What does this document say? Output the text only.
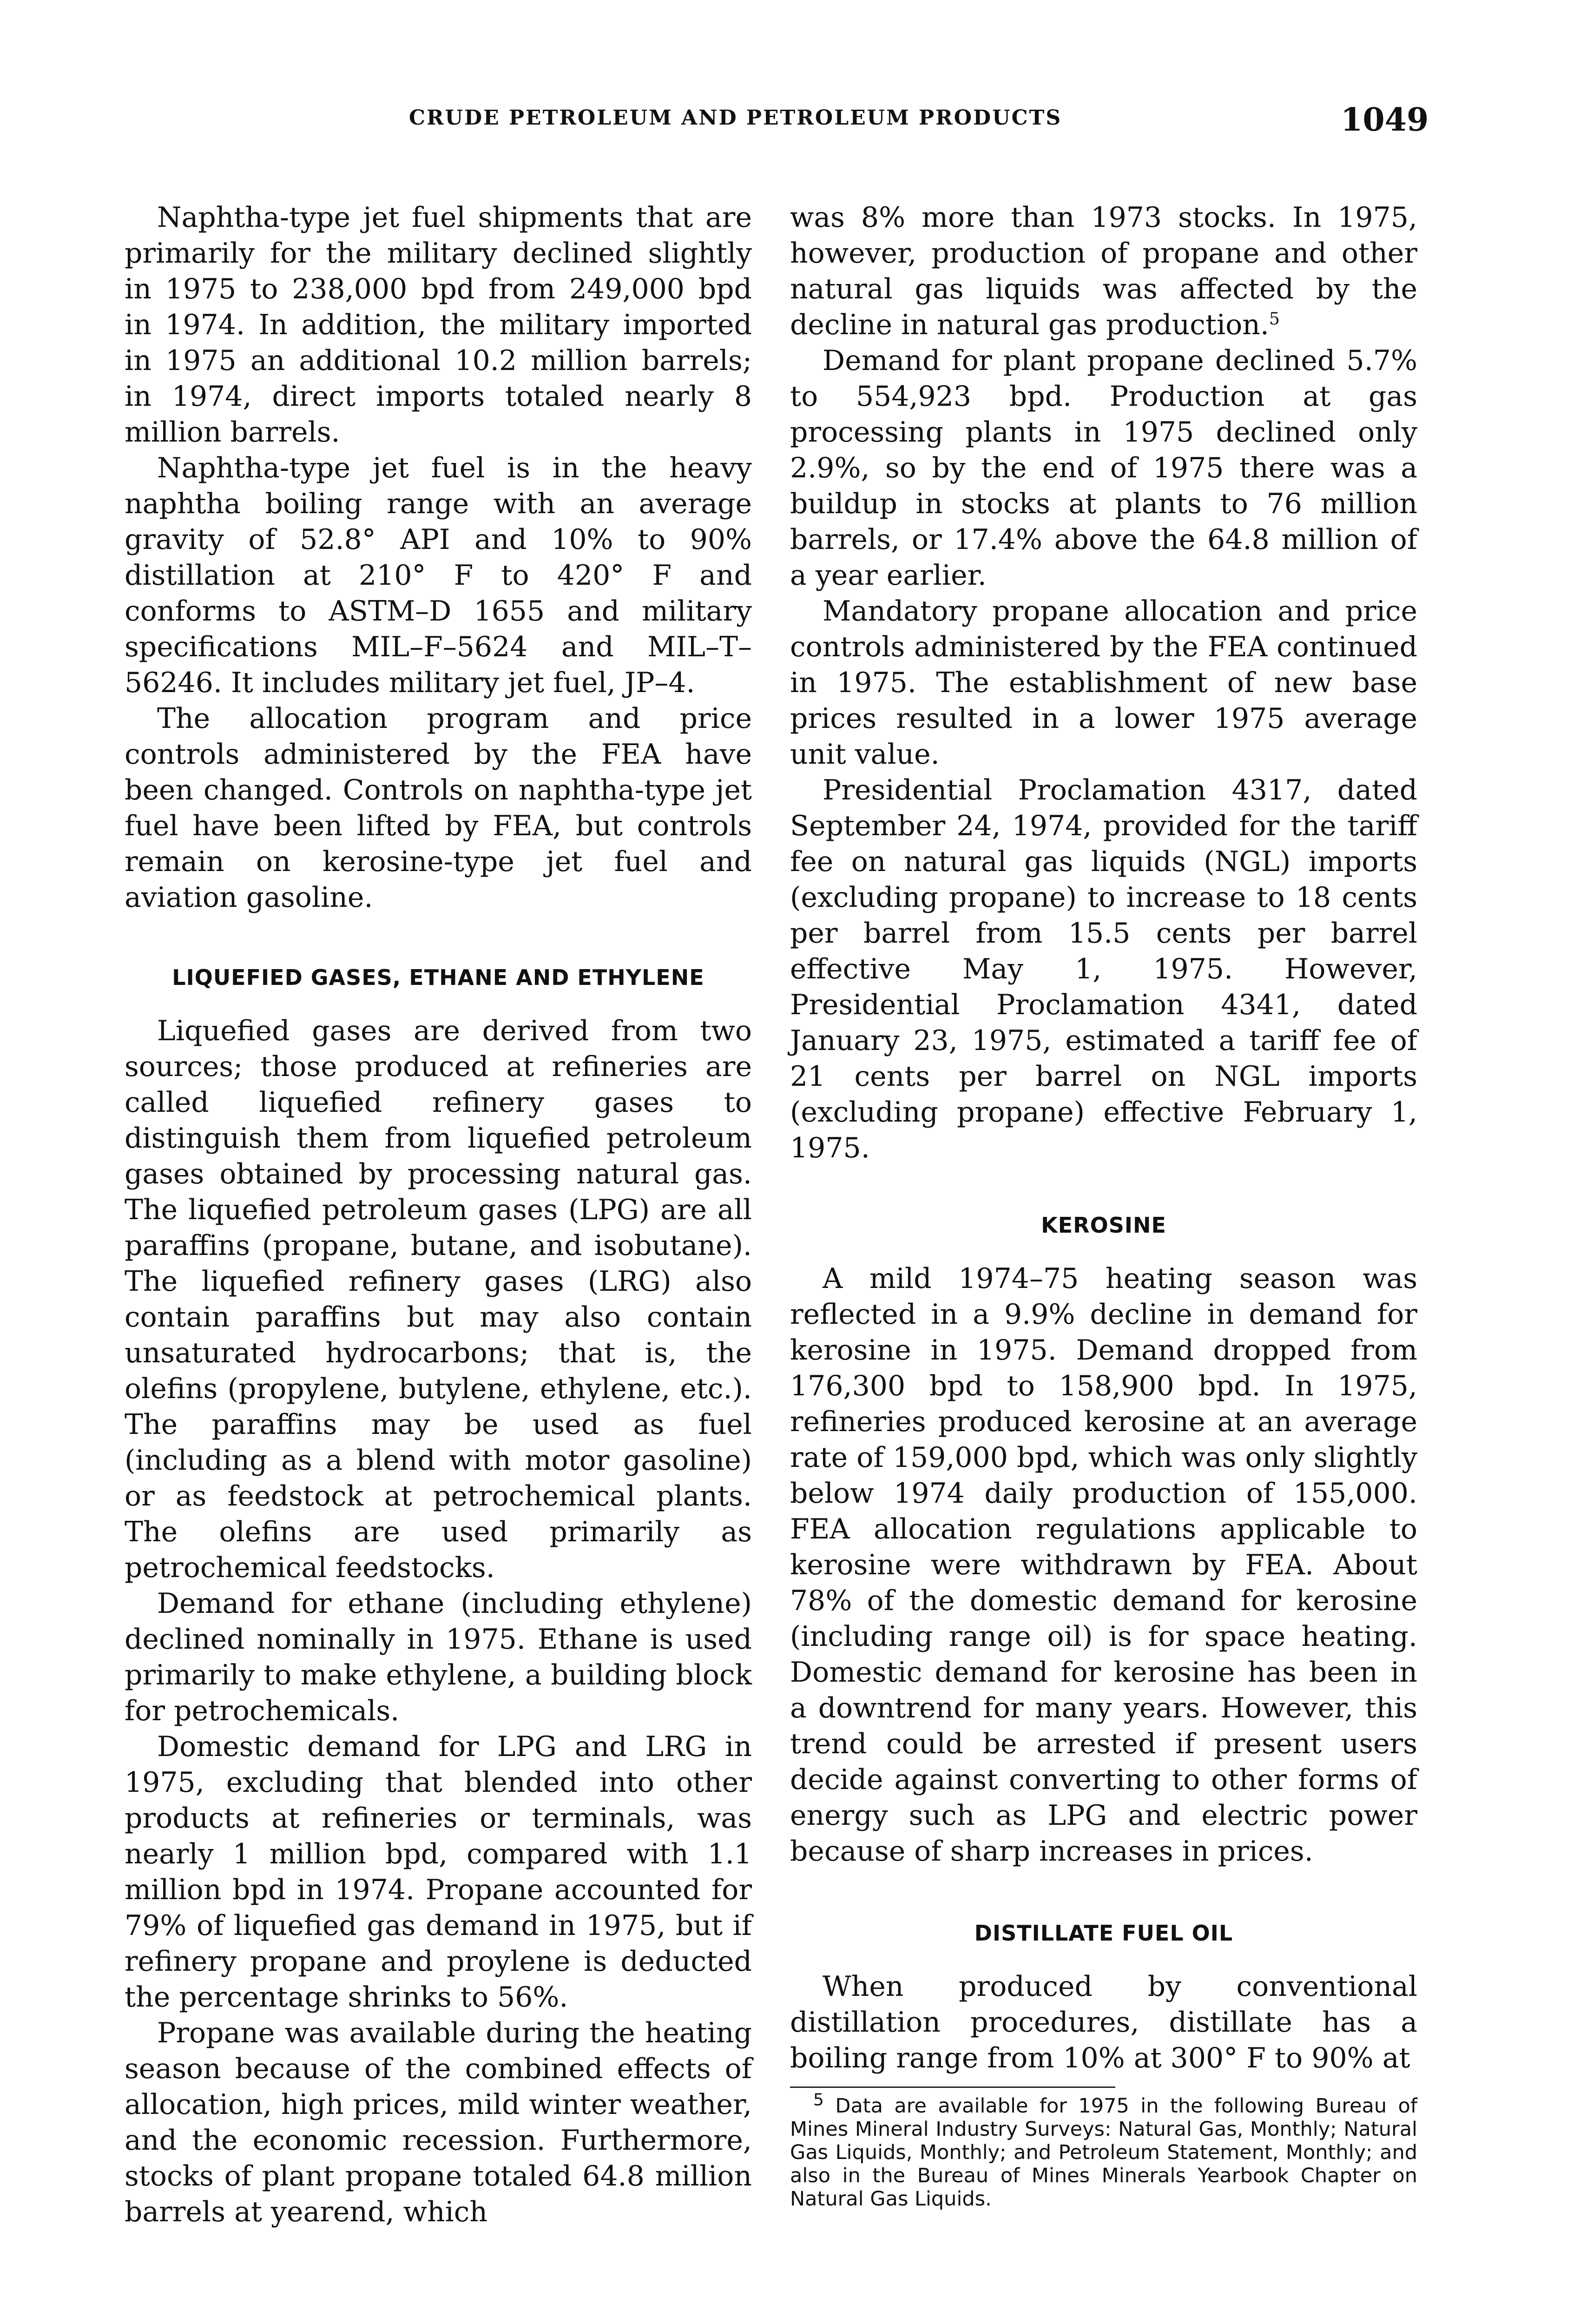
CRUDE PETROLEUM AND PETROLEUM PRODUCTS	1049

Naphtha-type jet fuel shipments that are primarily for the military declined slightly in 1975 to 238,000 bpd from 249,000 bpd in 1974. In addition, the military imported in 1975 an additional 10.2 million barrels; in 1974, direct imports totaled nearly 8 million barrels.

Naphtha-type jet fuel is in the heavy naphtha boiling range with an average gravity of 52.8° API and 10% to 90% distillation at 210° F to 420° F and conforms to ASTM–D 1655 and military specifications MIL–F–5624 and MIL–T–56246. It includes military jet fuel, JP–4.

The allocation program and price controls administered by the FEA have been changed. Controls on naphtha-type jet fuel have been lifted by FEA, but controls remain on kerosine-type jet fuel and aviation gasoline.

LIQUEFIED GASES, ETHANE AND ETHYLENE

Liquefied gases are derived from two sources; those produced at refineries are called liquefied refinery gases to distinguish them from liquefied petroleum gases obtained by processing natural gas. The liquefied petroleum gases (LPG) are all paraffins (propane, butane, and isobutane). The liquefied refinery gases (LRG) also contain paraffins but may also contain unsaturated hydrocarbons; that is, the olefins (propylene, butylene, ethylene, etc.). The paraffins may be used as fuel (including as a blend with motor gasoline) or as feedstock at petrochemical plants. The olefins are used primarily as petrochemical feedstocks.

Demand for ethane (including ethylene) declined nominally in 1975. Ethane is used primarily to make ethylene, a building block for petrochemicals.

Domestic demand for LPG and LRG in 1975, excluding that blended into other products at refineries or terminals, was nearly 1 million bpd, compared with 1.1 million bpd in 1974. Propane accounted for 79% of liquefied gas demand in 1975, but if refinery propane and proylene is deducted the percentage shrinks to 56%.

Propane was available during the heating season because of the combined effects of allocation, high prices, mild winter weather, and the economic recession. Furthermore, stocks of plant propane totaled 64.8 million barrels at yearend, which

was 8% more than 1973 stocks. In 1975, however, production of propane and other natural gas liquids was affected by the decline in natural gas production.$^5$

Demand for plant propane declined 5.7% to 554,923 bpd. Production at gas processing plants in 1975 declined only 2.9%, so by the end of 1975 there was a buildup in stocks at plants to 76 million barrels, or 17.4% above the 64.8 million of a year earlier.

Mandatory propane allocation and price controls administered by the FEA continued in 1975. The establishment of new base prices resulted in a lower 1975 average unit value.

Presidential Proclamation 4317, dated September 24, 1974, provided for the tariff fee on natural gas liquids (NGL) imports (excluding propane) to increase to 18 cents per barrel from 15.5 cents per barrel effective May 1, 1975. However, Presidential Proclamation 4341, dated January 23, 1975, estimated a tariff fee of 21 cents per barrel on NGL imports (excluding propane) effective February 1, 1975.

KEROSINE

A mild 1974–75 heating season was reflected in a 9.9% decline in demand for kerosine in 1975. Demand dropped from 176,300 bpd to 158,900 bpd. In 1975, refineries produced kerosine at an average rate of 159,000 bpd, which was only slightly below 1974 daily production of 155,000. FEA allocation regulations applicable to kerosine were withdrawn by FEA. About 78% of the domestic demand for kerosine (including range oil) is for space heating. Domestic demand for kerosine has been in a downtrend for many years. However, this trend could be arrested if present users decide against converting to other forms of energy such as LPG and electric power because of sharp increases in prices.

DISTILLATE FUEL OIL

When produced by conventional distillation procedures, distillate has a boiling range from 10% at 300° F to 90% at

$^5$ Data are available for 1975 in the following Bureau of Mines Mineral Industry Surveys: Natural Gas, Monthly; Natural Gas Liquids, Monthly; and Petroleum Statement, Monthly; and also in the Bureau of Mines Minerals Yearbook Chapter on Natural Gas Liquids.
